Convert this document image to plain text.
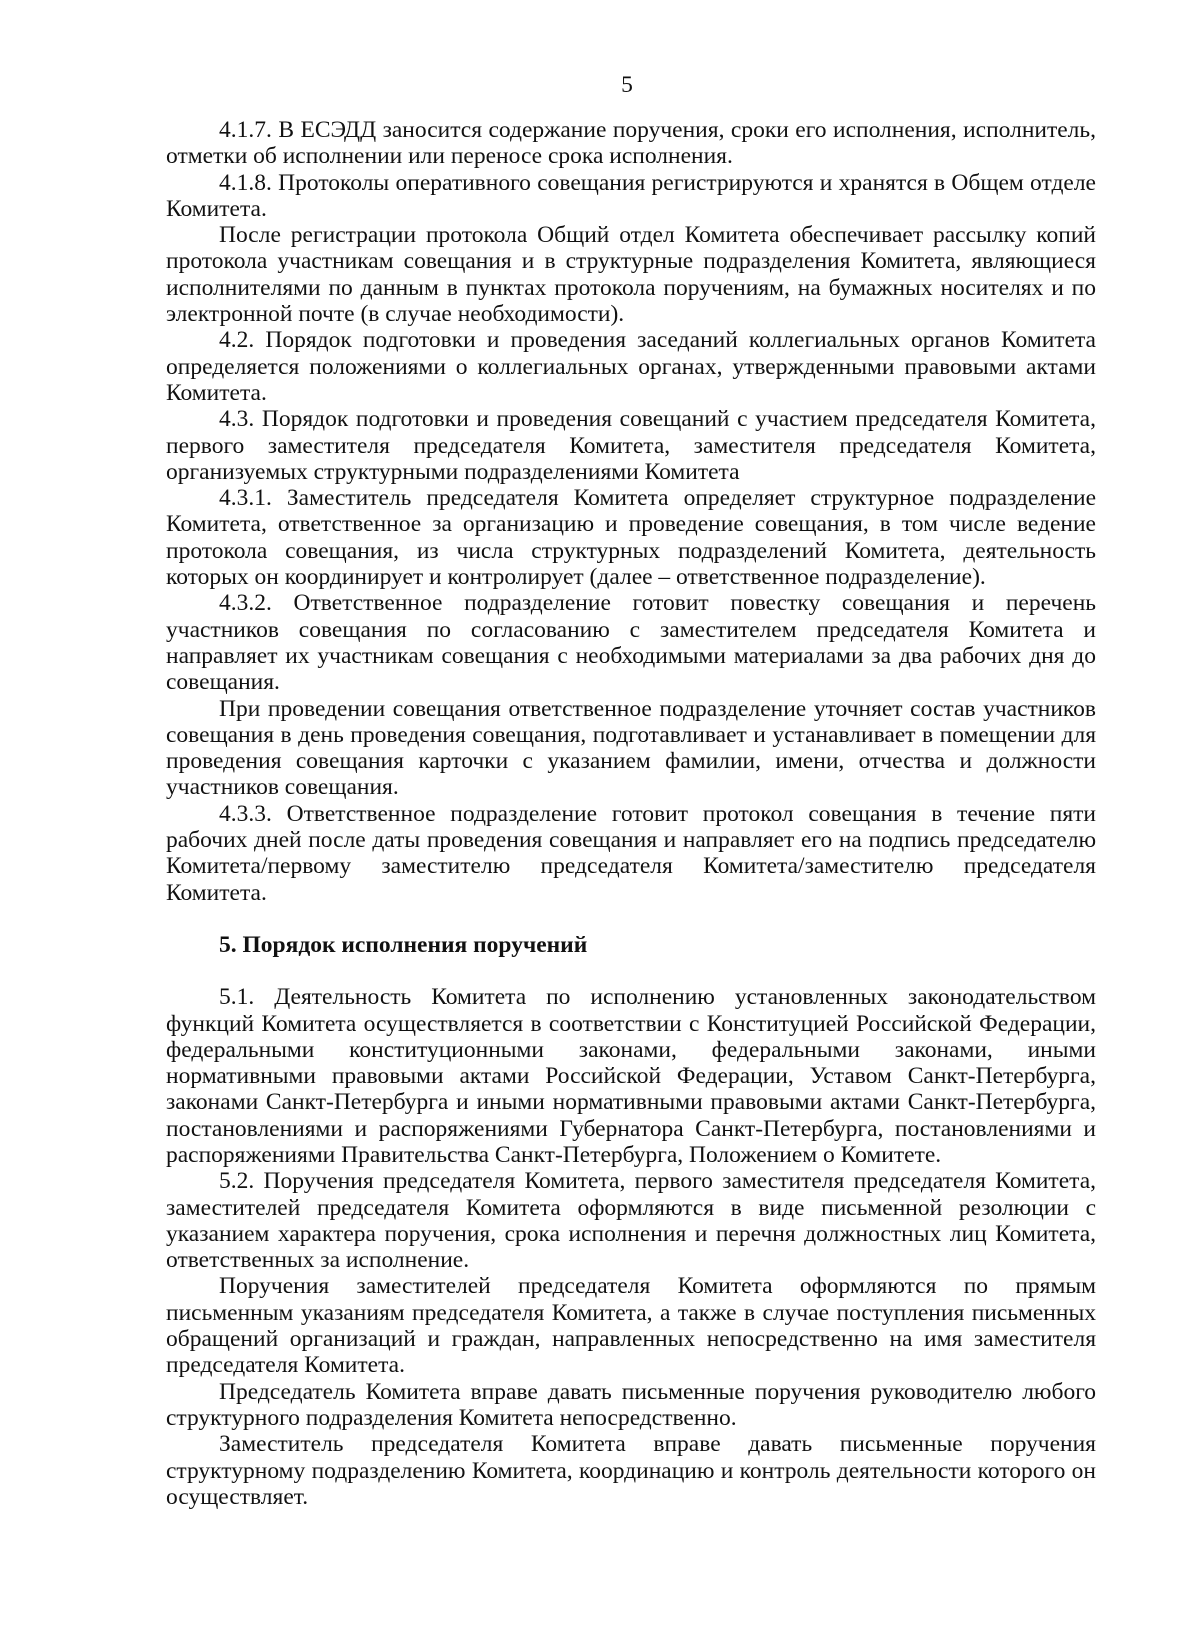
5

4.1.7. В ЕСЭДД заносится содержание поручения, сроки его исполнения, исполнитель, отметки об исполнении или переносе срока исполнения.

4.1.8. Протоколы оперативного совещания регистрируются и хранятся в Общем отделе Комитета.

После регистрации протокола Общий отдел Комитета обеспечивает рассылку копий протокола участникам совещания и в структурные подразделения Комитета, являющиеся исполнителями по данным в пунктах протокола поручениям, на бумажных носителях и по электронной почте (в случае необходимости).

4.2. Порядок подготовки и проведения заседаний коллегиальных органов Комитета определяется положениями о коллегиальных органах, утвержденными правовыми актами Комитета.

4.3. Порядок подготовки и проведения совещаний с участием председателя Комитета, первого заместителя председателя Комитета, заместителя председателя Комитета, организуемых структурными подразделениями Комитета

4.3.1. Заместитель председателя Комитета определяет структурное подразделение Комитета, ответственное за организацию и проведение совещания, в том числе ведение протокола совещания, из числа структурных подразделений Комитета, деятельность которых он координирует и контролирует (далее – ответственное подразделение).

4.3.2. Ответственное подразделение готовит повестку совещания и перечень участников совещания по согласованию с заместителем председателя Комитета и направляет их участникам совещания с необходимыми материалами за два рабочих дня до совещания.

При проведении совещания ответственное подразделение уточняет состав участников совещания в день проведения совещания, подготавливает и устанавливает в помещении для проведения совещания карточки с указанием фамилии, имени, отчества и должности участников совещания.

4.3.3. Ответственное подразделение готовит протокол совещания в течение пяти рабочих дней после даты проведения совещания и направляет его на подпись председателю Комитета/первому заместителю председателя Комитета/заместителю председателя Комитета.

5. Порядок исполнения поручений

5.1. Деятельность Комитета по исполнению установленных законодательством функций Комитета осуществляется в соответствии с Конституцией Российской Федерации, федеральными конституционными законами, федеральными законами, иными нормативными правовыми актами Российской Федерации, Уставом Санкт-Петербурга, законами Санкт-Петербурга и иными нормативными правовыми актами Санкт-Петербурга, постановлениями и распоряжениями Губернатора Санкт-Петербурга, постановлениями и распоряжениями Правительства Санкт-Петербурга, Положением о Комитете.

5.2. Поручения председателя Комитета, первого заместителя председателя Комитета, заместителей председателя Комитета оформляются в виде письменной резолюции с указанием характера поручения, срока исполнения и перечня должностных лиц Комитета, ответственных за исполнение.

Поручения заместителей председателя Комитета оформляются по прямым письменным указаниям председателя Комитета, а также в случае поступления письменных обращений организаций и граждан, направленных непосредственно на имя заместителя председателя Комитета.

Председатель Комитета вправе давать письменные поручения руководителю любого структурного подразделения Комитета непосредственно.

Заместитель председателя Комитета вправе давать письменные поручения структурному подразделению Комитета, координацию и контроль деятельности которого он осуществляет.
